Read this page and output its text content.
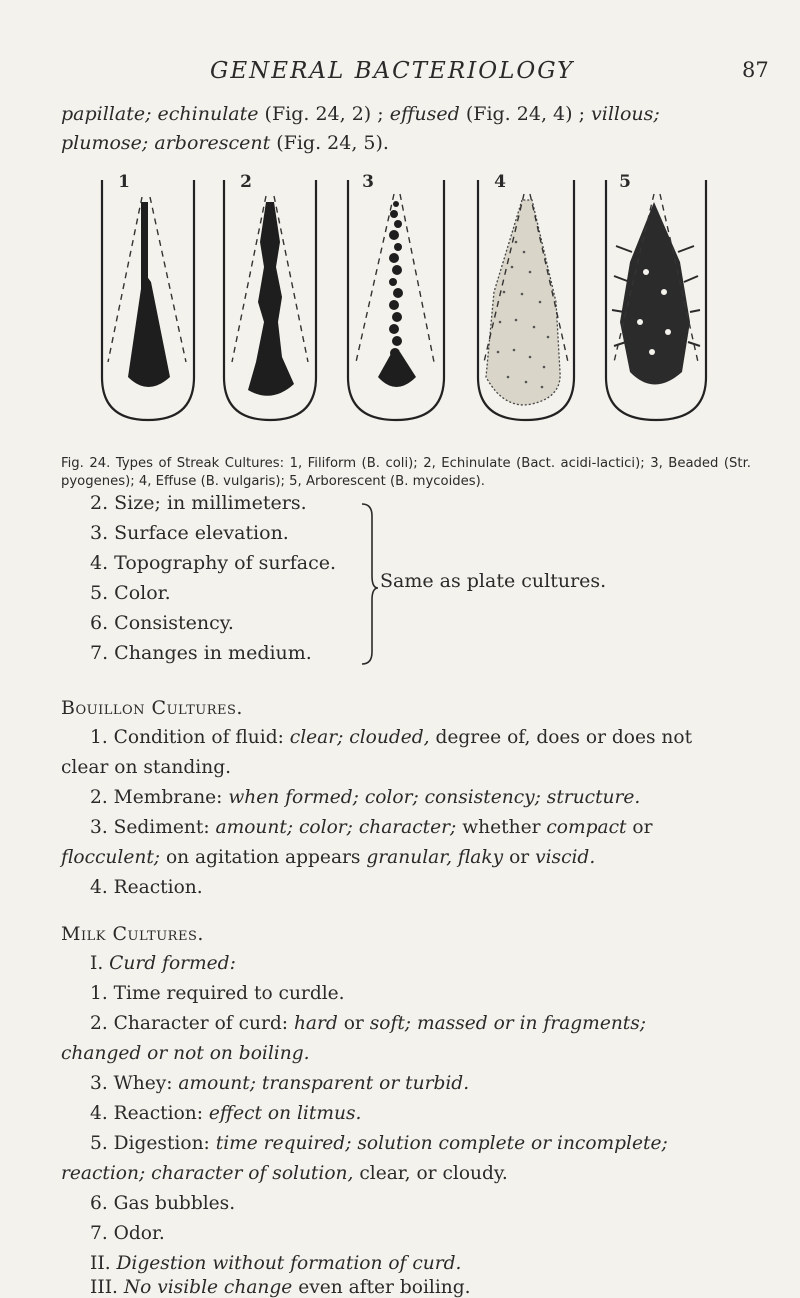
GENERAL BACTERIOLOGY	87
papillate; echinulate (Fig. 24, 2) ; effused (Fig. 24, 4) ; villous;
plumose; arborescent (Fig. 24, 5).
1	2	3	4	5
Fig. 24. Types of Streak Cultures: 1, Filiform (B. coli); 2, Echinulate (Bact. acidi-lactici); 3, Beaded (Str. pyogenes); 4, Effuse (B. vulgaris); 5, Arborescent (B. mycoides).
2. Size; in millimeters.
3. Surface elevation.
4. Topography of surface.
5. Color.
6. Consistency.
7. Changes in medium.
Same as plate cultures.
Bouillon Cultures.
1. Condition of fluid: clear; clouded, degree of, does or does not
clear on standing.
2. Membrane: when formed; color; consistency; structure.
3. Sediment: amount; color; character; whether compact or
flocculent; on agitation appears granular, flaky or viscid.
4. Reaction.
Milk Cultures.
I. Curd formed:
1. Time required to curdle.
2. Character of curd: hard or soft; massed or in fragments;
changed or not on boiling.
3. Whey: amount; transparent or turbid.
4. Reaction: effect on litmus.
5. Digestion: time required; solution complete or incomplete;
reaction; character of solution, clear, or cloudy.
6. Gas bubbles.
7. Odor.
II. Digestion without formation of curd.
III. No visible change even after boiling.
